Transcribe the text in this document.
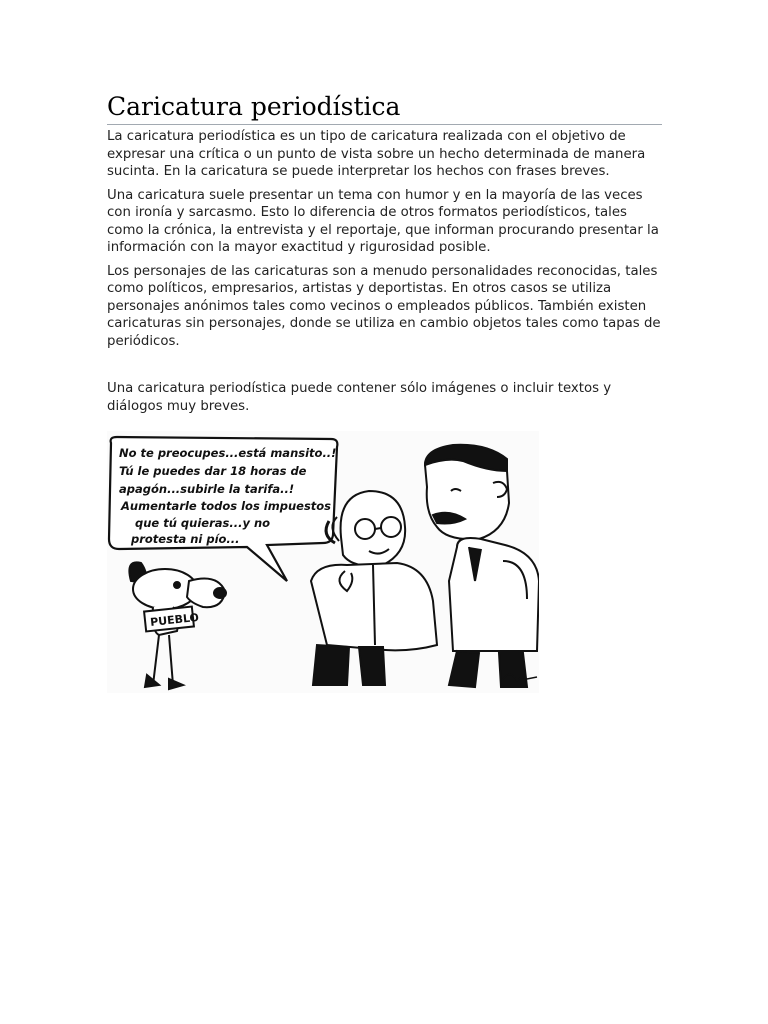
Caricatura periodística

La caricatura periodística es un tipo de caricatura realizada con el objetivo de expresar una crítica o un punto de vista sobre un hecho determinada de manera sucinta. En la caricatura se puede interpretar los hechos con frases breves.

Una caricatura suele presentar un tema con humor y en la mayoría de las veces con ironía y sarcasmo. Esto lo diferencia de otros formatos periodísticos, tales como la crónica, la entrevista y el reportaje, que informan procurando presentar la información con la mayor exactitud y rigurosidad posible.

Los personajes de las caricaturas son a menudo personalidades reconocidas, tales como políticos, empresarios, artistas y deportistas. En otros casos se utiliza personajes anónimos tales como vecinos o empleados públicos. También existen caricaturas sin personajes, donde se utiliza en cambio objetos tales como tapas de periódicos.

Una caricatura periodística puede contener sólo imágenes o incluir textos y diálogos muy breves.

No te preocupes...está mansito..!
Tú le puedes dar 18 horas de
apagón...subirle la tarifa..!
Aumentarle todos los impuestos
que tú quieras...y no
protesta ni pío...
PUEBLO
